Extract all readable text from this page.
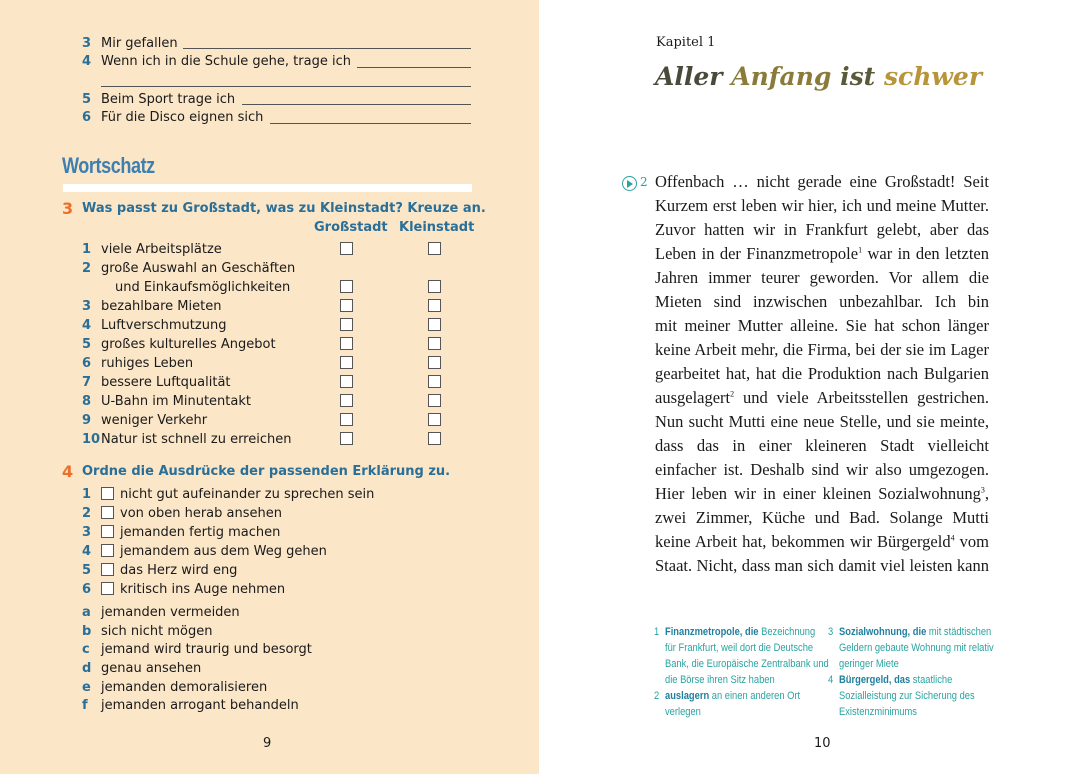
3 Mir gefallen
4 Wenn ich in die Schule gehe, trage ich
5 Beim Sport trage ich
6 Für die Disco eignen sich
Wortschatz
3 Was passt zu Großstadt, was zu Kleinstadt? Kreuze an.
Großstadt Kleinstadt
1 viele Arbeitsplätze
2 große Auswahl an Geschäften
und Einkaufsmöglichkeiten
3 bezahlbare Mieten
4 Luftverschmutzung
5 großes kulturelles Angebot
6 ruhiges Leben
7 bessere Luftqualität
8 U-Bahn im Minutentakt
9 weniger Verkehr
10 Natur ist schnell zu erreichen
4 Ordne die Ausdrücke der passenden Erklärung zu.
1 nicht gut aufeinander zu sprechen sein
2 von oben herab ansehen
3 jemanden fertig machen
4 jemandem aus dem Weg gehen
5 das Herz wird eng
6 kritisch ins Auge nehmen
a jemanden vermeiden
b sich nicht mögen
c jemand wird traurig und besorgt
d genau ansehen
e jemanden demoralisieren
f jemanden arrogant behandeln
9
Kapitel 1
Aller Anfang ist schwer
2 Offenbach … nicht gerade eine Großstadt! Seit
Kurzem erst leben wir hier, ich und meine Mutter.
Zuvor hatten wir in Frankfurt gelebt, aber das
Leben in der Finanzmetropole$^1$ war in den letzten
Jahren immer teurer geworden. Vor allem die
Mieten sind inzwischen unbezahlbar. Ich bin
mit meiner Mutter alleine. Sie hat schon länger
keine Arbeit mehr, die Firma, bei der sie im Lager
gearbeitet hat, hat die Produktion nach Bulgarien
ausgelagert$^2$ und viele Arbeitsstellen gestrichen.
Nun sucht Mutti eine neue Stelle, und sie meinte,
dass das in einer kleineren Stadt vielleicht
einfacher ist. Deshalb sind wir also umgezogen.
Hier leben wir in einer kleinen Sozialwohnung$^3$,
zwei Zimmer, Küche und Bad. Solange Mutti
keine Arbeit hat, bekommen wir Bürgergeld$^4$ vom
Staat. Nicht, dass man sich damit viel leisten kann
1 Finanzmetropole, die Bezeichnung
für Frankfurt, weil dort die Deutsche
Bank, die Europäische Zentralbank und
die Börse ihren Sitz haben
2 auslagern an einen anderen Ort
verlegen
3 Sozialwohnung, die mit städtischen
Geldern gebaute Wohnung mit relativ
geringer Miete
4 Bürgergeld, das staatliche
Sozialleistung zur Sicherung des
Existenzminimums
10
